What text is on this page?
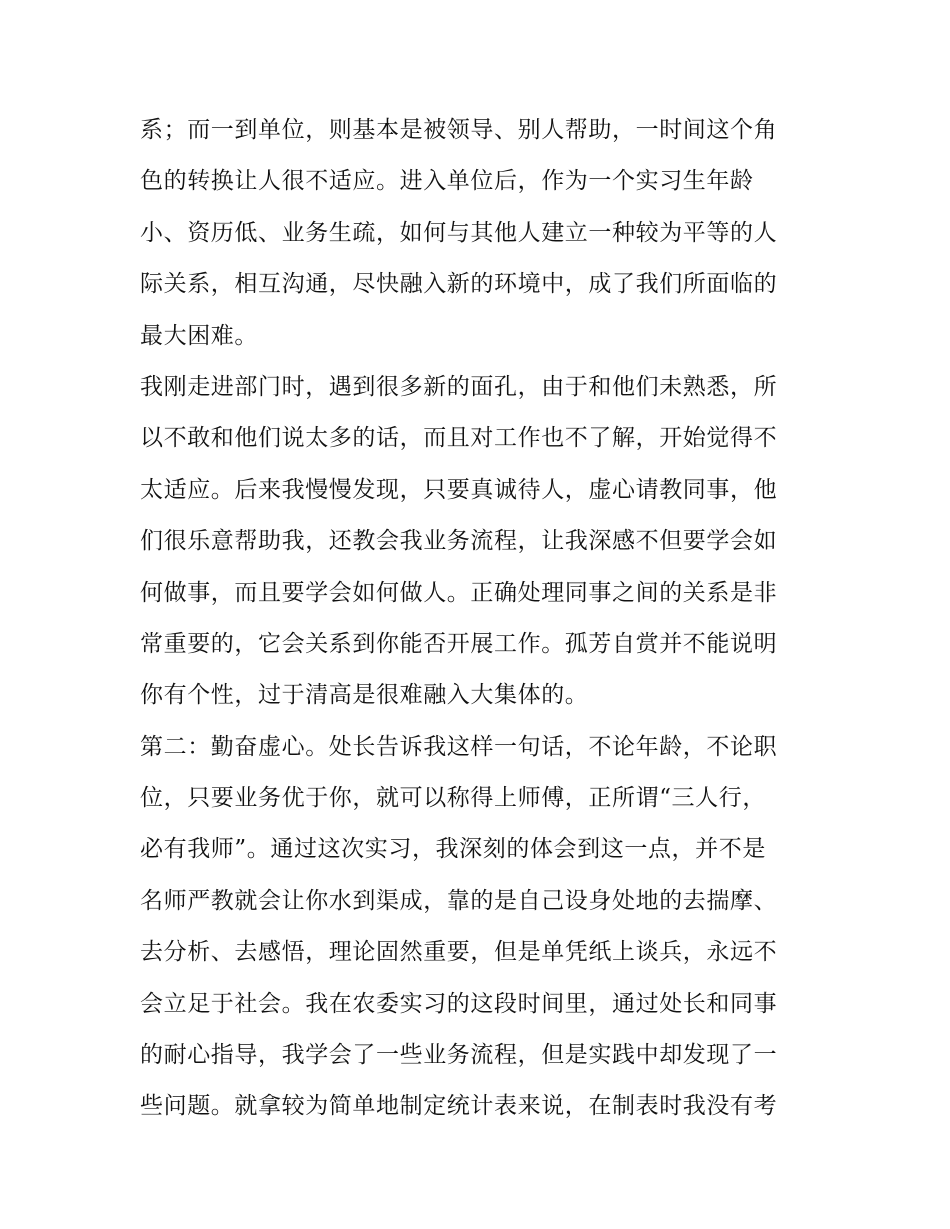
系；而一到单位，则基本是被领导、别人帮助，一时间这个角
色的转换让人很不适应。进入单位后，作为一个实习生年龄
小、资历低、业务生疏，如何与其他人建立一种较为平等的人
际关系，相互沟通，尽快融入新的环境中，成了我们所面临的
最大困难。
我刚走进部门时，遇到很多新的面孔，由于和他们未熟悉，所
以不敢和他们说太多的话，而且对工作也不了解，开始觉得不
太适应。后来我慢慢发现，只要真诚待人，虚心请教同事，他
们很乐意帮助我，还教会我业务流程，让我深感不但要学会如
何做事，而且要学会如何做人。正确处理同事之间的关系是非
常重要的，它会关系到你能否开展工作。孤芳自赏并不能说明
你有个性，过于清高是很难融入大集体的。
第二：勤奋虚心。处长告诉我这样一句话，不论年龄，不论职
位，只要业务优于你，就可以称得上师傅，正所谓“三人行，
必有我师”。通过这次实习，我深刻的体会到这一点，并不是
名师严教就会让你水到渠成，靠的是自己设身处地的去揣摩、
去分析、去感悟，理论固然重要，但是单凭纸上谈兵，永远不
会立足于社会。我在农委实习的这段时间里，通过处长和同事
的耐心指导，我学会了一些业务流程，但是实践中却发现了一
些问题。就拿较为简单地制定统计表来说，在制表时我没有考
